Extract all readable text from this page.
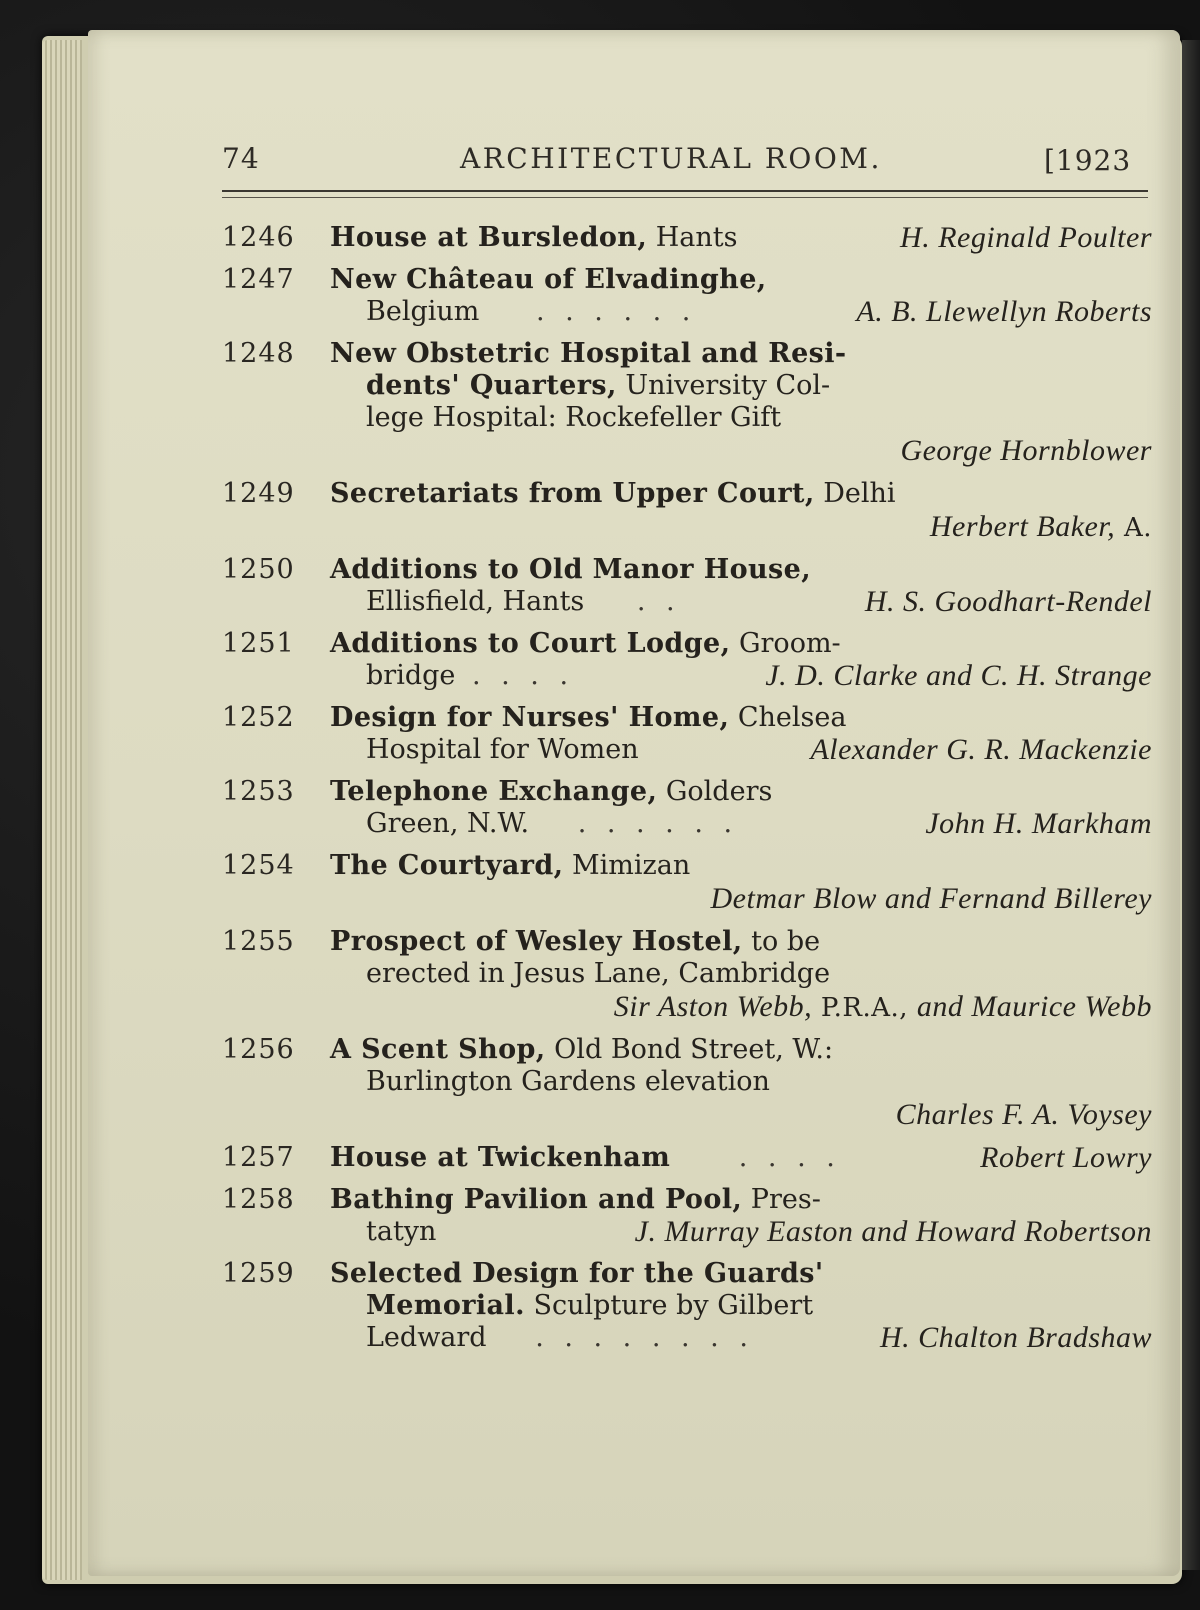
74	ARCHITECTURAL ROOM.	[1923
1246 House at Bursledon, Hants	H. Reginald Poulter
1247 New Château of Elvadinghe,
Belgium . . . . . .	A. B. Llewellyn Roberts
1248 New Obstetric Hospital and Resi-
dents' Quarters, University Col-
lege Hospital: Rockefeller Gift
George Hornblower
1249 Secretariats from Upper Court, Delhi
Herbert Baker, A.
1250 Additions to Old Manor House,
Ellisfield, Hants . .	H. S. Goodhart-Rendel
1251 Additions to Court Lodge, Groom-
bridge . . . .	J. D. Clarke and C. H. Strange
1252 Design for Nurses' Home, Chelsea
Hospital for Women	Alexander G. R. Mackenzie
1253 Telephone Exchange, Golders
Green, N.W. . . . . . .	John H. Markham
1254 The Courtyard, Mimizan
Detmar Blow and Fernand Billerey
1255 Prospect of Wesley Hostel, to be
erected in Jesus Lane, Cambridge
Sir Aston Webb, P.R.A., and Maurice Webb
1256 A Scent Shop, Old Bond Street, W.:
Burlington Gardens elevation
Charles F. A. Voysey
1257 House at Twickenham	. . . .	Robert Lowry
1258 Bathing Pavilion and Pool, Pres-
tatyn	J. Murray Easton and Howard Robertson
1259 Selected Design for the Guards'
Memorial. Sculpture by Gilbert
Ledward . . . . . . . .	H. Chalton Bradshaw
